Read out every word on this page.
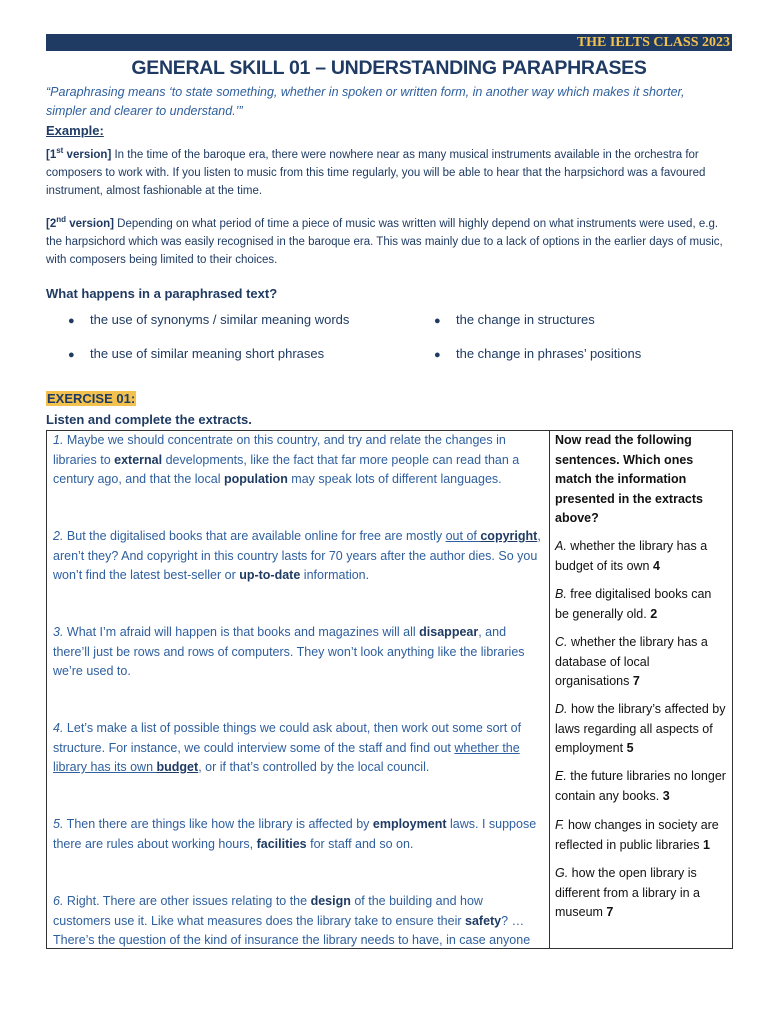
THE IELTS CLASS 2023
GENERAL SKILL 01 – UNDERSTANDING PARAPHRASES
“Paraphrasing means ‘to state something, whether in spoken or written form, in another way which makes it shorter, simpler and clearer to understand.’”
Example:
[1st version] In the time of the baroque era, there were nowhere near as many musical instruments available in the orchestra for composers to work with. If you listen to music from this time regularly, you will be able to hear that the harpsichord was a favoured instrument, almost fashionable at the time.
[2nd version] Depending on what period of time a piece of music was written will highly depend on what instruments were used, e.g. the harpsichord which was easily recognised in the baroque era. This was mainly due to a lack of options in the earlier days of music, with composers being limited to their choices.
What happens in a paraphrased text?
● the use of synonyms / similar meaning words	● the change in structures
● the use of similar meaning short phrases	● the change in phrases’ positions
EXERCISE 01:
Listen and complete the extracts.
1. Maybe we should concentrate on this country, and try and relate the changes in libraries to external developments, like the fact that far more people can read than a century ago, and that the local population may speak lots of different languages.
2. But the digitalised books that are available online for free are mostly out of copyright, aren’t they? And copyright in this country lasts for 70 years after the author dies. So you won’t find the latest best-seller or up-to-date information.
3. What I’m afraid will happen is that books and magazines will all disappear, and there’ll just be rows and rows of computers. They won’t look anything like the libraries we’re used to.
4. Let’s make a list of possible things we could ask about, then work out some sort of structure. For instance, we could interview some of the staff and find out whether the library has its own budget, or if that’s controlled by the local council.
5. Then there are things like how the library is affected by employment laws. I suppose there are rules about working hours, facilities for staff and so on.
6. Right. There are other issues relating to the design of the building and how customers use it. Like what measures does the library take to ensure their safety? … There’s the question of the kind of insurance the library needs to have, in case anyone
Now read the following sentences. Which ones match the information presented in the extracts above?
A. whether the library has a budget of its own 4
B. free digitalised books can be generally old. 2
C. whether the library has a database of local organisations 7
D. how the library’s affected by laws regarding all aspects of employment 5
E. the future libraries no longer contain any books. 3
F. how changes in society are reflected in public libraries 1
G. how the open library is different from a library in a museum 7
